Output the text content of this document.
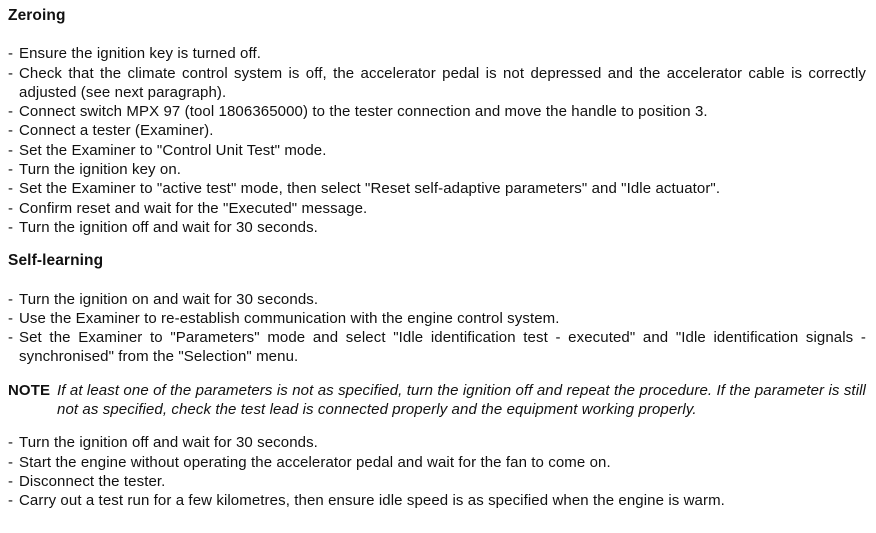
Zeroing
- Ensure the ignition key is turned off.
- Check that the climate control system is off, the accelerator pedal is not depressed and the accelerator cable is correctly adjusted (see next paragraph).
- Connect switch MPX 97 (tool 1806365000) to the tester connection and move the handle to position 3.
- Connect a tester (Examiner).
- Set the Examiner to "Control Unit Test" mode.
- Turn the ignition key on.
- Set the Examiner to "active test" mode, then select "Reset self-adaptive parameters" and "Idle actuator".
- Confirm reset and wait for the "Executed" message.
- Turn the ignition off and wait for 30 seconds.
Self-learning
- Turn the ignition on and wait for 30 seconds.
- Use the Examiner to re-establish communication with the engine control system.
- Set the Examiner to "Parameters" mode and select "Idle identification test - executed" and "Idle identification signals - synchronised" from the "Selection" menu.
NOTE If at least one of the parameters is not as specified, turn the ignition off and repeat the procedure. If the parameter is still not as specified, check the test lead is connected properly and the equipment working properly.
- Turn the ignition off and wait for 30 seconds.
- Start the engine without operating the accelerator pedal and wait for the fan to come on.
- Disconnect the tester.
- Carry out a test run for a few kilometres, then ensure idle speed is as specified when the engine is warm.
